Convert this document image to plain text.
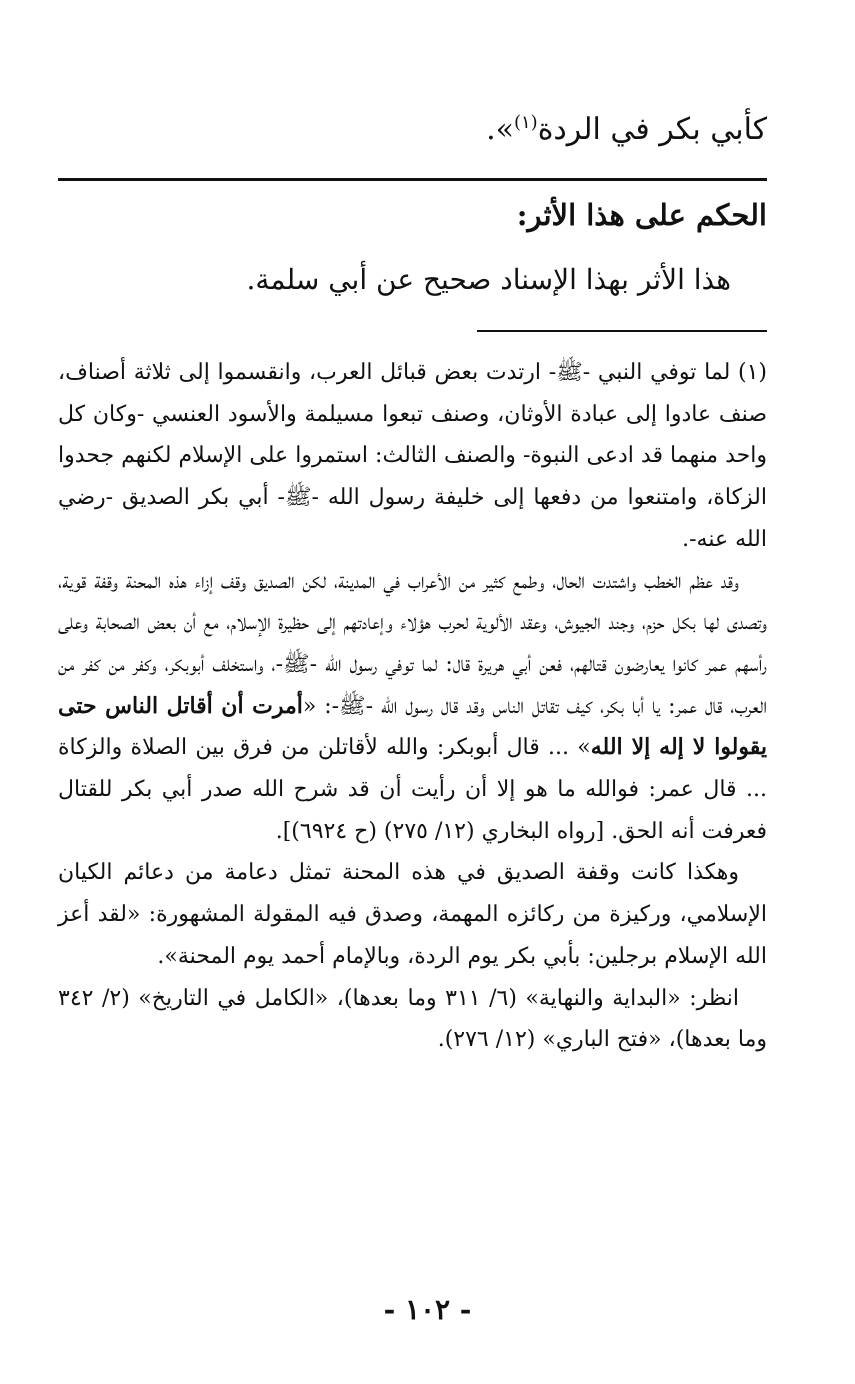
كأبي بكر في الردة$^{(١)}$».
الحكم على هذا الأثر:
هذا الأثر بهذا الإسناد صحيح عن أبي سلمة.

(١) لما توفي النبي -ﷺ- ارتدت بعض قبائل العرب، وانقسموا إلى ثلاثة أصناف، صنف عادوا إلى عبادة الأوثان، وصنف تبعوا مسيلمة والأسود العنسي -وكان كل واحد منهما قد ادعى النبوة- والصنف الثالث: استمروا على الإسلام لكنهم جحدوا الزكاة، وامتنعوا من دفعها إلى خليفة رسول الله -ﷺ- أبي بكر الصديق -رضي الله عنه-.

وقد عظم الخطب واشتدت الحال، وطمع كثير من الأعراب في المدينة، لكن الصديق وقف إزاء هذه المحنة وقفة قوية، وتصدى لها بكل حزم، وجند الجيوش، وعقد الألوية لحرب هؤلاء وإعادتهم إلى حظيرة الإسلام، مع أن بعض الصحابة وعلى رأسهم عمر كانوا يعارضون قتالهم، فعن أبي هريرة قال: لما توفي رسول الله -ﷺ-، واستخلف أبوبكر، وكفر من كفر من العرب، قال عمر: يا أبا بكر، كيف تقاتل الناس وقد قال رسول الله -ﷺ-: «أمرت أن أقاتل الناس حتى يقولوا لا إله إلا الله» ... قال أبوبكر: والله لأقاتلن من فرق بين الصلاة والزكاة ... قال عمر: فوالله ما هو إلا أن رأيت أن قد شرح الله صدر أبي بكر للقتال فعرفت أنه الحق. [رواه البخاري (١٢/ ٢٧٥) (ح ٦٩٢٤)].

وهكذا كانت وقفة الصديق في هذه المحنة تمثل دعامة من دعائم الكيان الإسلامي، وركيزة من ركائزه المهمة، وصدق فيه المقولة المشهورة: «لقد أعز الله الإسلام برجلين: بأبي بكر يوم الردة، وبالإمام أحمد يوم المحنة».

انظر: «البداية والنهاية» (٦/ ٣١١ وما بعدها)، «الكامل في التاريخ» (٢/ ٣٤٢ وما بعدها)، «فتح الباري» (١٢/ ٢٧٦).

- ١٠٢ -
